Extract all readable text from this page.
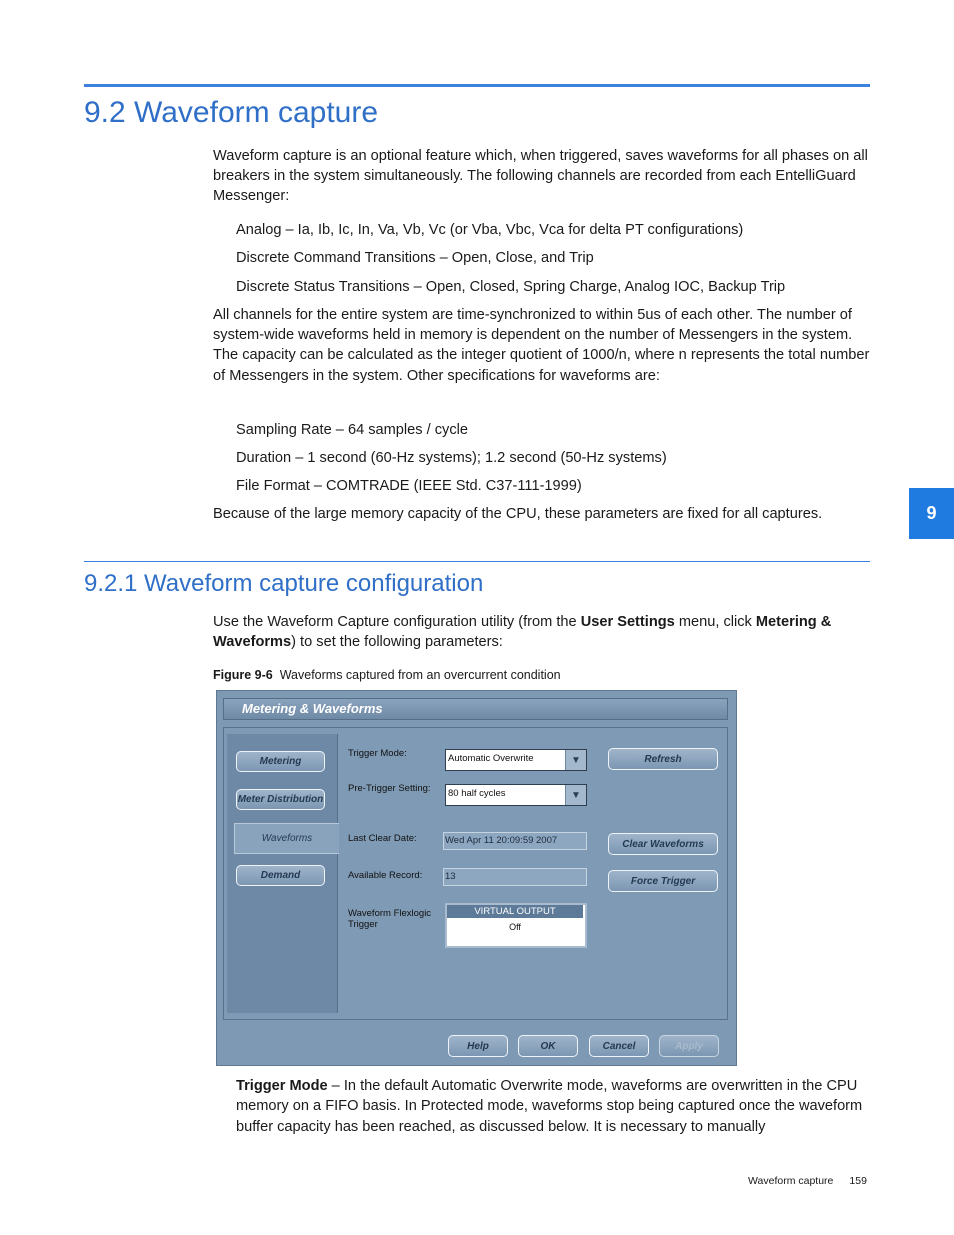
9.2 Waveform capture
Waveform capture is an optional feature which, when triggered, saves waveforms for all phases on all breakers in the system simultaneously. The following channels are recorded from each EntelliGuard Messenger:
Analog – Ia, Ib, Ic, In, Va, Vb, Vc (or Vba, Vbc, Vca for delta PT configurations)
Discrete Command Transitions – Open, Close, and Trip
Discrete Status Transitions – Open, Closed, Spring Charge, Analog IOC, Backup Trip
All channels for the entire system are time-synchronized to within 5us of each other. The number of system-wide waveforms held in memory is dependent on the number of Messengers in the system. The capacity can be calculated as the integer quotient of 1000/n, where n represents the total number of Messengers in the system. Other specifications for waveforms are:
Sampling Rate – 64 samples / cycle
Duration – 1 second (60-Hz systems); 1.2 second (50-Hz systems)
File Format – COMTRADE (IEEE Std. C37-111-1999)
Because of the large memory capacity of the CPU, these parameters are fixed for all captures.	9
9.2.1 Waveform capture configuration
Use the Waveform Capture configuration utility (from the User Settings menu, click Metering & Waveforms) to set the following parameters:
Figure 9-6 Waveforms captured from an overcurrent condition
Metering & Waveforms
Metering
Meter Distribution
Waveforms
Demand
Trigger Mode:	Automatic Overwrite	▼
Pre-Trigger Setting: 80 half cycles	▼
Last Clear Date:	Wed Apr 11 20:09:59 2007
Available Record: 13
Waveform Flexlogic
Trigger
VIRTUAL OUTPUT
Off
Refresh
Clear Waveforms
Force Trigger
Help	OK	Cancel	Apply
Trigger Mode – In the default Automatic Overwrite mode, waveforms are overwritten in the CPU memory on a FIFO basis. In Protected mode, waveforms stop being captured once the waveform buffer capacity has been reached, as discussed below. It is necessary to manually
Waveform capture 159
